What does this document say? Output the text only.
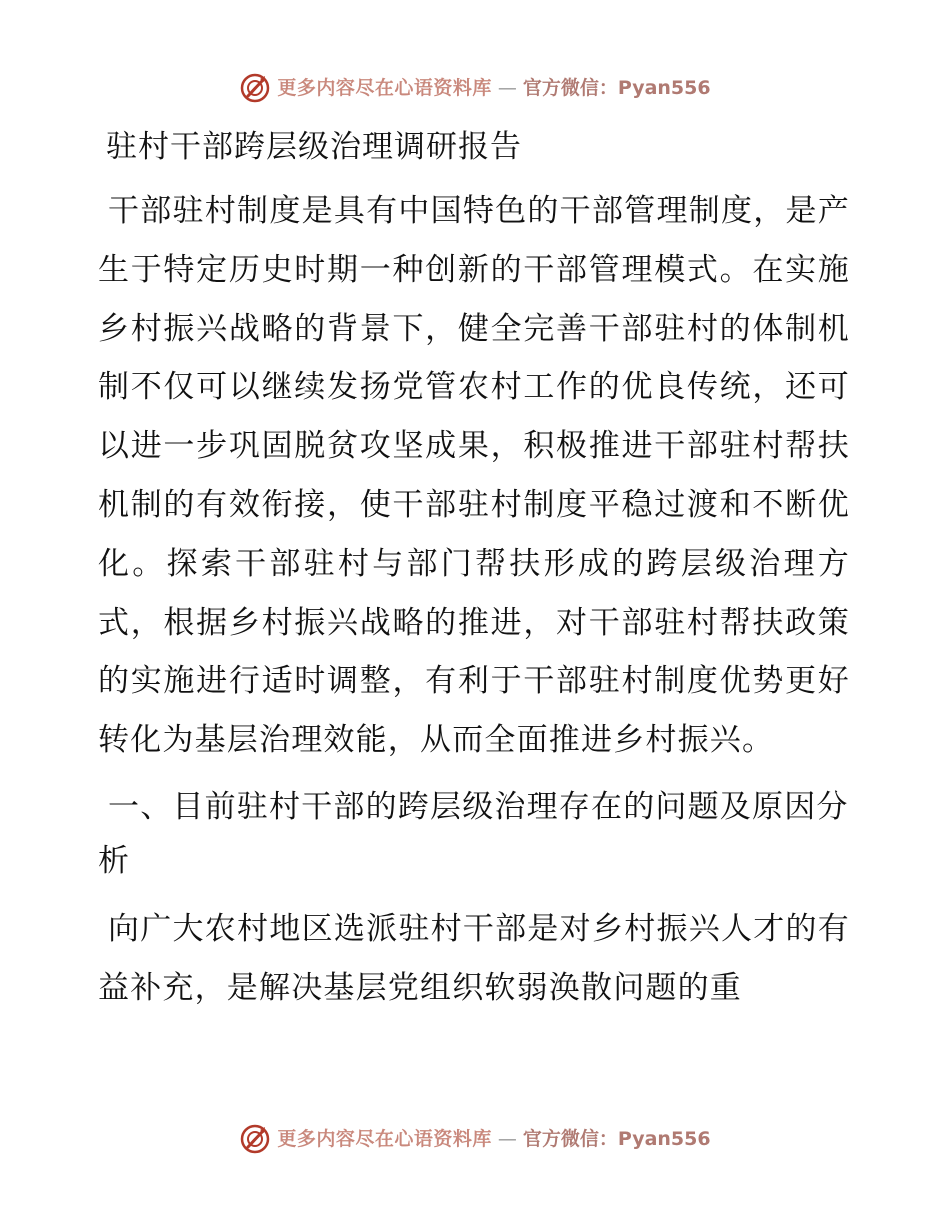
更多内容尽在心语资料库 — 官方微信：Pyan556
驻村干部跨层级治理调研报告

干部驻村制度是具有中国特色的干部管理制度，是产生于特定历史时期一种创新的干部管理模式。在实施乡村振兴战略的背景下，健全完善干部驻村的体制机制不仅可以继续发扬党管农村工作的优良传统，还可以进一步巩固脱贫攻坚成果，积极推进干部驻村帮扶机制的有效衔接，使干部驻村制度平稳过渡和不断优化。探索干部驻村与部门帮扶形成的跨层级治理方式，根据乡村振兴战略的推进，对干部驻村帮扶政策的实施进行适时调整，有利于干部驻村制度优势更好转化为基层治理效能，从而全面推进乡村振兴。

一、目前驻村干部的跨层级治理存在的问题及原因分析

向广大农村地区选派驻村干部是对乡村振兴人才的有益补充，是解决基层党组织软弱涣散问题的重

更多内容尽在心语资料库 — 官方微信：Pyan556
